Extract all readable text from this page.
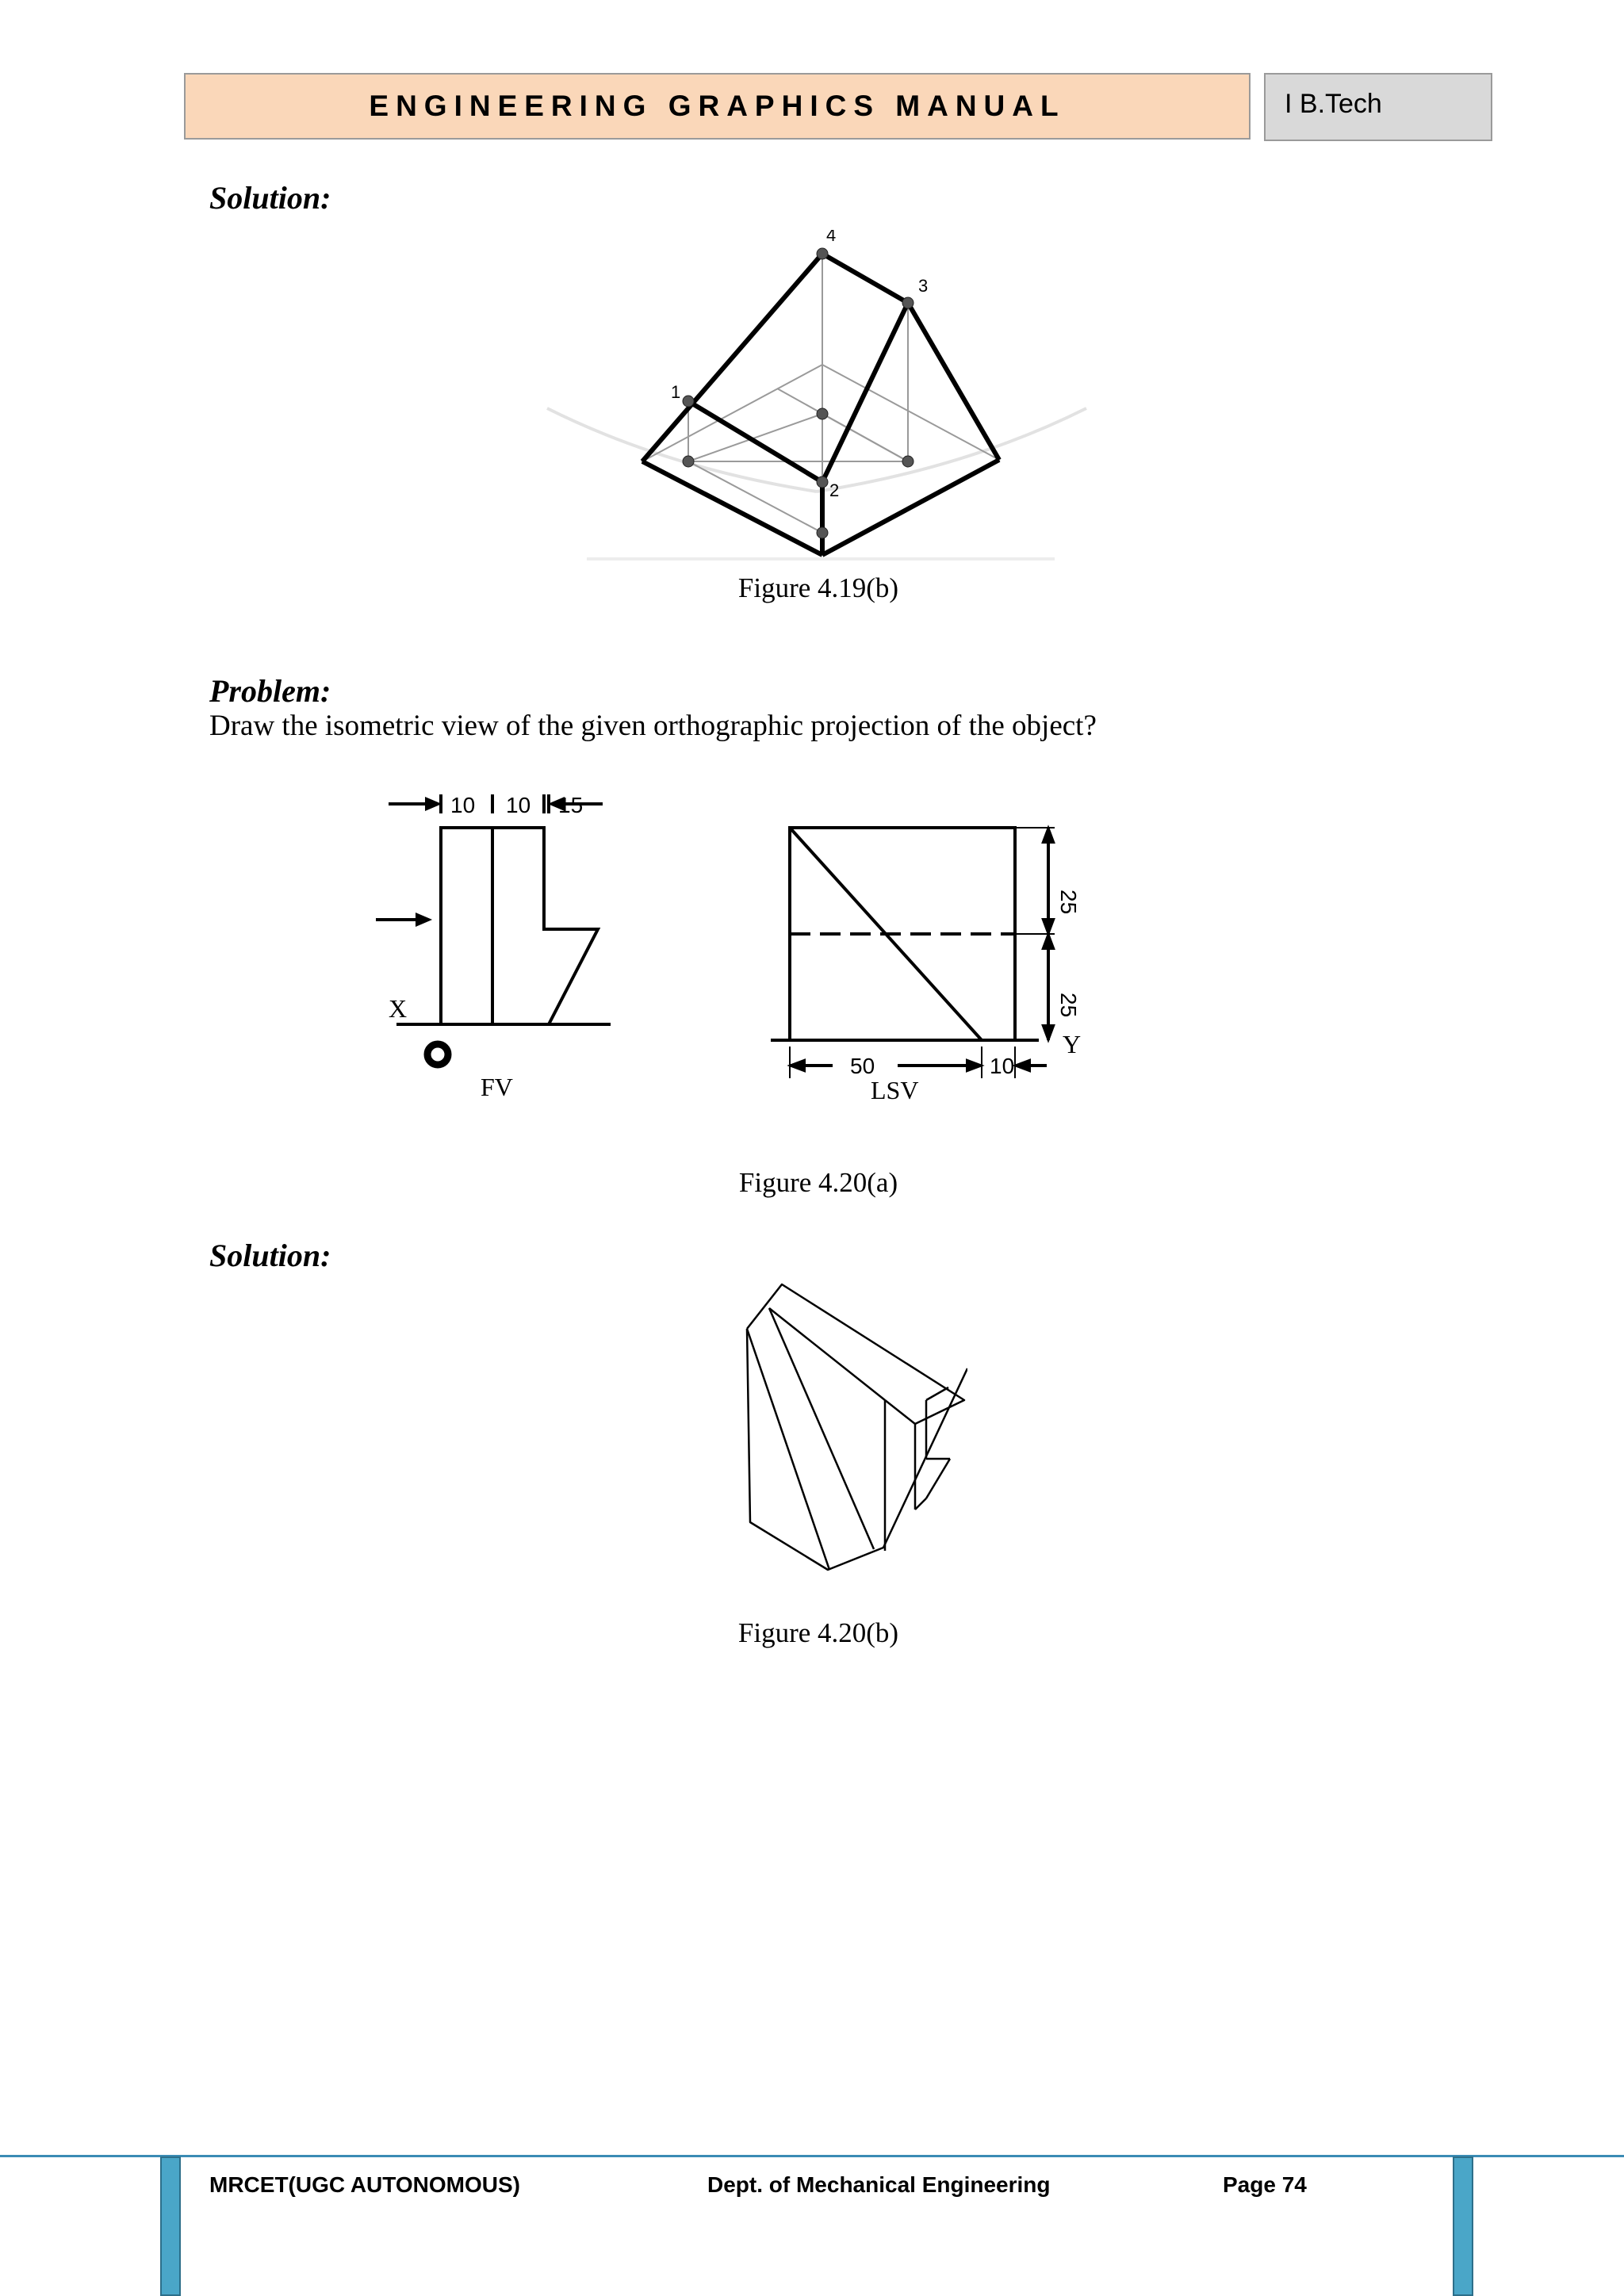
ENGINEERING GRAPHICS MANUAL	I B.Tech
Solution:
4
3
1
2
Figure 4.19(b)
Problem:
Draw the isometric view of the given orthographic projection of the object?
10 10 15
X
FV
25
25
Y
50	10
LSV
Figure 4.20(a)
Solution:
Figure 4.20(b)
MRCET(UGC AUTONOMOUS)	Dept. of Mechanical Engineering	Page 74
